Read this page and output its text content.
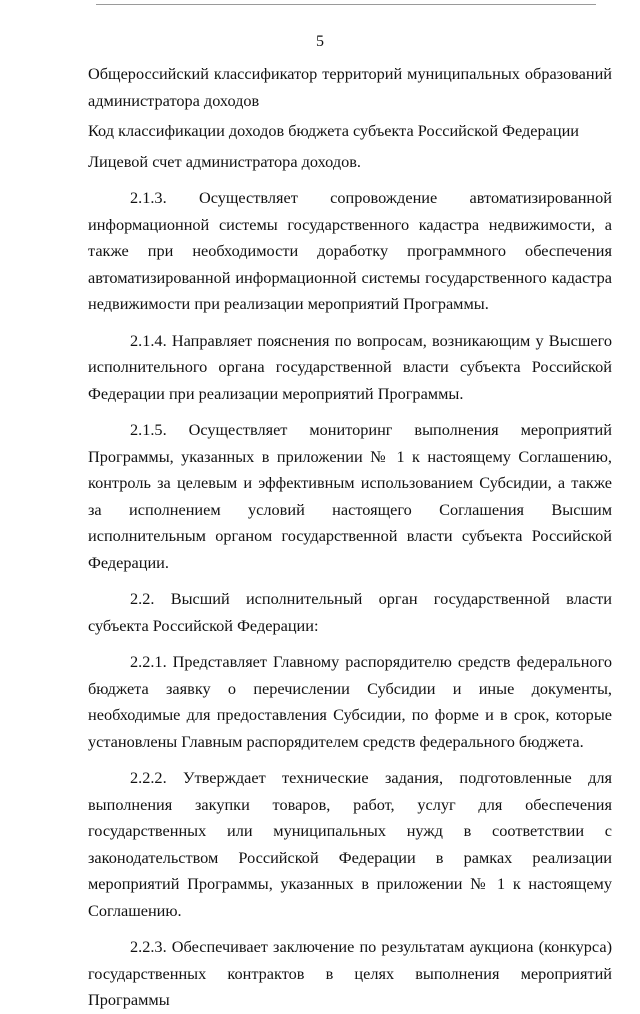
5

Общероссийский классификатор территорий муниципальных образований администратора доходов

Код классификации доходов бюджета субъекта Российской Федерации

Лицевой счет администратора доходов.

2.1.3. Осуществляет сопровождение автоматизированной информационной системы государственного кадастра недвижимости, а также при необходимости доработку программного обеспечения автоматизированной информационной системы государственного кадастра недвижимости при реализации мероприятий Программы.

2.1.4. Направляет пояснения по вопросам, возникающим у Высшего исполнительного органа государственной власти субъекта Российской Федерации при реализации мероприятий Программы.

2.1.5. Осуществляет мониторинг выполнения мероприятий Программы, указанных в приложении № 1 к настоящему Соглашению, контроль за целевым и эффективным использованием Субсидии, а также за исполнением условий настоящего Соглашения Высшим исполнительным органом государственной власти субъекта Российской Федерации.

2.2. Высший исполнительный орган государственной власти субъекта Российской Федерации:

2.2.1. Представляет Главному распорядителю средств федерального бюджета заявку о перечислении Субсидии и иные документы, необходимые для предоставления Субсидии, по форме и в срок, которые установлены Главным распорядителем средств федерального бюджета.

2.2.2. Утверждает технические задания, подготовленные для выполнения закупки товаров, работ, услуг для обеспечения государственных или муниципальных нужд в соответствии с законодательством Российской Федерации в рамках реализации мероприятий Программы, указанных в приложении № 1 к настоящему Соглашению.

2.2.3. Обеспечивает заключение по результатам аукциона (конкурса) государственных контрактов в целях выполнения мероприятий Программы
